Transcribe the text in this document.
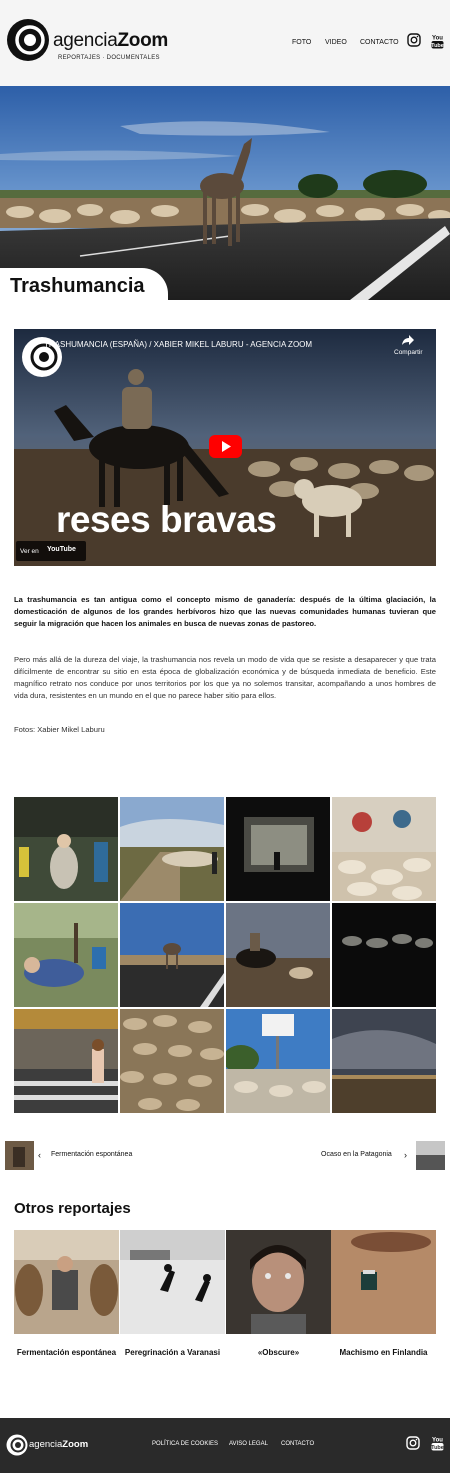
agenciaZoom
REPORTAJES · DOCUMENTALES
FOTO VIDEO CONTACTO
You
Tube
Trashumancia
TRASHUMANCIA (ESPAÑA) / XABIER MIKEL LABURU - AGENCIA ZOOM
Compartir
reses bravas
Ver en YouTube

La trashumancia es tan antigua como el concepto mismo de ganadería: después de la última glaciación, la domesticación de algunos de los grandes herbívoros hizo que las nuevas comunidades humanas tuvieran que seguir la migración que hacen los animales en busca de nuevas zonas de pastoreo.

Pero más allá de la dureza del viaje, la trashumancia nos revela un modo de vida que se resiste a desaparecer y que trata difícilmente de encontrar su sitio en esta época de globalización económica y de búsqueda inmediata de beneficio. Este magnífico retrato nos conduce por unos territorios por los que ya no solemos transitar, acompañando a unos hombres de vida dura, resistentes en un mundo en el que no parece haber sitio para ellos.

Fotos: Xabier Mikel Laburu

‹ Fermentación espontánea	Ocaso en la Patagonia ›
Otros reportajes
Fermentación espontánea	Peregrinación a Varanasi	«Obscure»	Machismo en Finlandia
agenciaZoom	POLÍTICA DE COOKIES AVISO LEGAL CONTACTO
You
Tube
